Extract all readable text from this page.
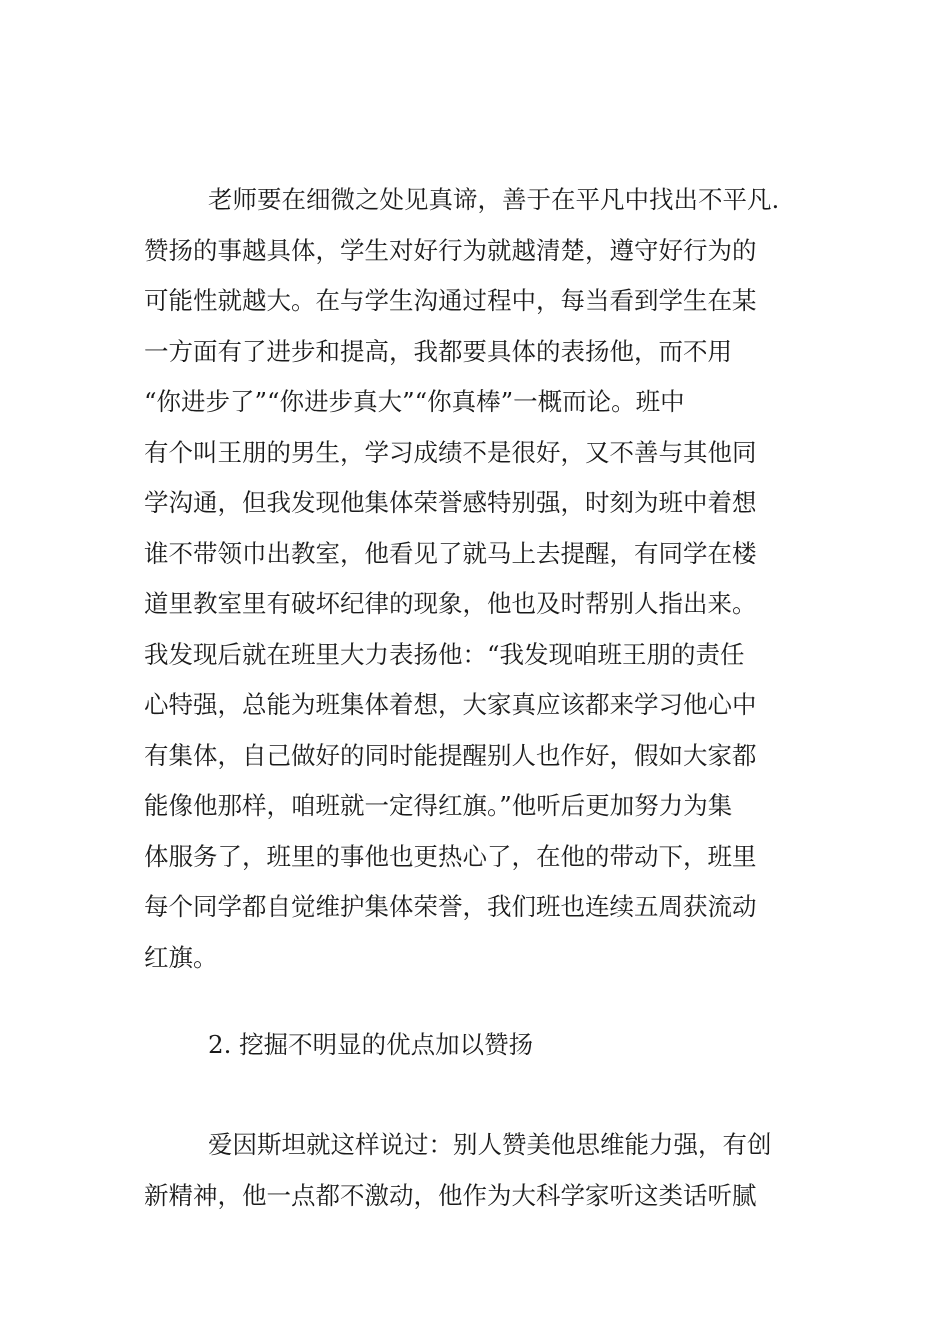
老师要在细微之处见真谛，善于在平凡中找出不平凡.
赞扬的事越具体，学生对好行为就越清楚，遵守好行为的
可能性就越大。在与学生沟通过程中，每当看到学生在某
一方面有了进步和提高，我都要具体的表扬他，而不用
“你进步了”“你进步真大”“你真棒”一概而论。班中
有个叫王朋的男生，学习成绩不是很好，又不善与其他同
学沟通，但我发现他集体荣誉感特别强，时刻为班中着想
谁不带领巾出教室，他看见了就马上去提醒，有同学在楼
道里教室里有破坏纪律的现象，他也及时帮别人指出来。
我发现后就在班里大力表扬他：“我发现咱班王朋的责任
心特强，总能为班集体着想，大家真应该都来学习他心中
有集体，自己做好的同时能提醒别人也作好，假如大家都
能像他那样，咱班就一定得红旗。”他听后更加努力为集
体服务了，班里的事他也更热心了，在他的带动下，班里
每个同学都自觉维护集体荣誉，我们班也连续五周获流动
红旗。
2. 挖掘不明显的优点加以赞扬
爱因斯坦就这样说过：别人赞美他思维能力强，有创
新精神，他一点都不激动，他作为大科学家听这类话听腻
